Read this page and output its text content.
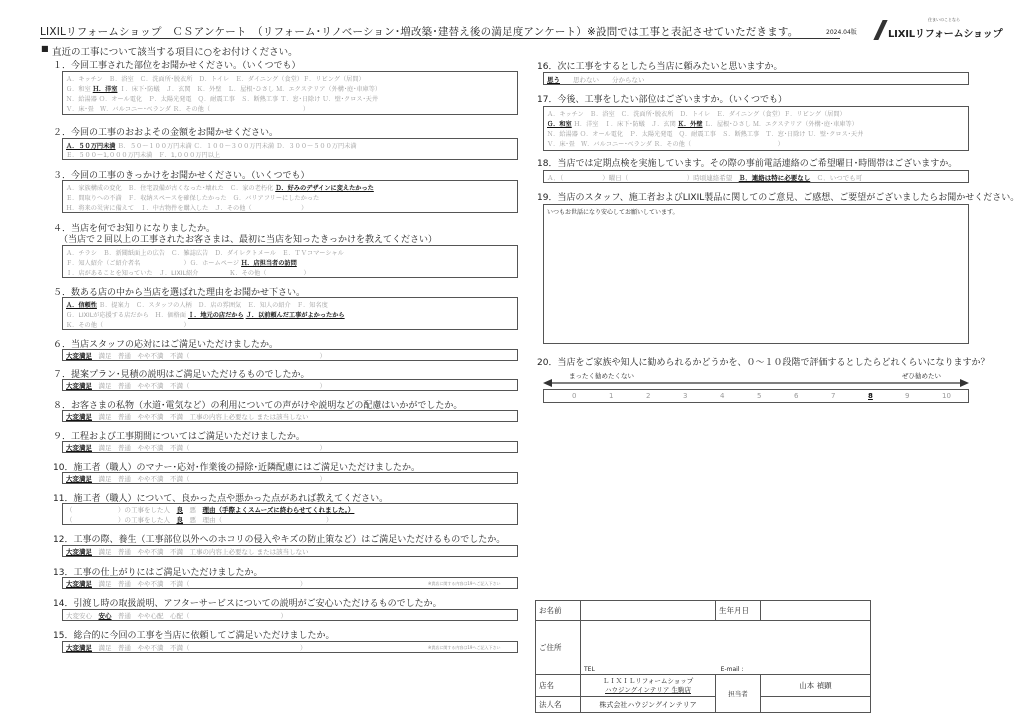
LIXILリフォームショップ　ＣＳアンケート　（リフォーム･リノベーション･増改築･建替え後の満足度アンケート）※設問では工事と表記させていただきます。	2024.04版
住まいのことなら
LIXILリフォームショップ
■ 直近の工事について該当する項目に○をお付けください。
１．今回工事された部位をお聞かせください。（いくつでも）
Ａ．キッチン　Ｂ．浴室　Ｃ．洗面所･脱衣所　Ｄ．トイレ　Ｅ．ダイニング（食堂）Ｆ．リビング（居間）
Ｇ．和室 Ｈ．洋室 Ｉ．床下･防蟻　Ｊ．玄関　Ｋ．外壁　Ｌ．屋根･ひさし Ｍ．エクステリア（外構･庭･車庫等）
Ｎ．給湯器 Ｏ．オール電化　Ｐ．太陽光発電　Ｑ．耐震工事　Ｓ．断熱工事 Ｔ．窓･日除け Ｕ．壁･クロス･天井
Ｖ．床･畳　Ｗ．バルコニー･ベランダ Ｒ．その他（　　　　　　　　　　　　　　　）
２．今回の工事のおおよその金額をお聞かせください。
Ａ．５０万円未満 Ｂ．５０～１００万円未満 Ｃ．１００～３００万円未満 Ｄ．３００～５００万円未満
Ｅ．５００～1,０００万円未満　Ｆ．1,０００万円以上
３．今回の工事のきっかけをお聞かせください。（いくつでも）
Ａ．家族構成の変化　Ｂ．住宅設備が古くなった･壊れた　Ｃ．家の老朽化 Ｄ．好みのデザインに変えたかった
Ｅ．間取りへの不満　Ｆ．収納スペースを確保したかった　Ｇ．バリアフリーにしたかった
Ｈ．将来の災害に備えて　Ｉ．中古物件を購入した　Ｊ．その他（　　　　　　　　）
４．当店を何でお知りになりましたか。
（当店で２回以上の工事されたお客さまは、最初に当店を知ったきっかけを教えてください）
Ａ．チラシ　Ｂ．新聞紙面上の広告　Ｃ．雑誌広告　Ｄ．ダイレクトメール　Ｅ．ＴＶコマーシャル
Ｆ．知人紹介（ご紹介者名　　　　　　　）Ｇ．ホームページ Ｈ．店担当者の訪問
Ｉ．店があることを知っていた　Ｊ．LIXIL紹介　　　　　Ｋ．その他（　　　　　　）
５．数ある店の中から当店を選ばれた理由をお聞かせ下さい。
Ａ．信頼性 Ｂ．提案力　Ｃ．スタッフの人柄　Ｄ．店の雰囲気　Ｅ．知人の紹介　Ｆ．知名度
Ｇ．LIXILが応援する店だから　Ｈ．価格面 Ｉ．地元の店だから Ｊ．以前頼んだ工事がよかったから
Ｋ．その他（　　　　　　　　　　　　　）
６．当店スタッフの応対にはご満足いただけましたか。
大変満足　 満足　普通　やや不満　不満（　　　　　　　　　　　　　　　　　　　　）
７．提案プラン･見積の説明はご満足いただけるものでしたか。
大変満足　 満足　普通　やや不満　不満（　　　　　　　　　　　　　　　　　　　　）
８．お客さまの私物（水道･電気など）の利用についての声がけや説明などの配慮はいかがでしたか。
大変満足　 満足　普通　やや不満　不満　工事の内容上必要なし または該当しない
９．工程および工事期間についてはご満足いただけましたか。
大変満足　 満足　普通　やや不満　不満（　　　　　　　　　　　　　　　　　　　　）
10．施工者（職人）のマナー･応対･作業後の掃除･近隣配慮にはご満足いただけましたか。
大変満足　 満足　普通　やや不満　不満（　　　　　　　　　　　　　　　　　　　　）
11．施工者（職人）について、良かった点や悪かった点があれば教えてください。
（　　　　　　　）の工事をした人　 良　 悪　 理由（手際よくスムーズに終わらせてくれました。）
（　　　　　　　）の工事をした人　 良　 悪　理由（　　　　　　　　　　　　　　　　）
12．工事の際、養生（工事部位以外へのホコリの侵入やキズの防止策など）はご満足いただけるものでしたか。
大変満足　 満足　普通　やや不満　不満　工事の内容上必要なし または該当しない
13．工事の仕上がりにはご満足いただけましたか。
大変満足　 満足　普通　やや不満　不満（　　　　　　　　　　　　　　　　　）	※貴店に関する内容は19へご記入下さい
14．引渡し時の取扱説明、アフターサービスについての説明がご安心いただけるものでしたか。
大変安心　 安心　 普通　やや心配　心配（　　　　　　　　　　　　　　）
15．総合的に今回の工事を当店に依頼してご満足いただけましたか。
大変満足　 満足　普通　やや不満　不満（　　　　　　　　　　　　　　　　　）	※貴店に関する内容は19へご記入下さい
16．次に工事をするとしたら当店に頼みたいと思いますか。
思う　　 思わない　　分からない
17．今後、工事をしたい部位はございますか。（いくつでも）
Ａ．キッチン　Ｂ．浴室　Ｃ．洗面所･脱衣所　Ｄ．トイレ　Ｅ．ダイニング（食堂）Ｆ．リビング（居間）
Ｇ．和室 Ｈ．洋室　Ｉ．床下･防蟻　Ｊ．玄関 Ｋ．外壁 Ｌ．屋根･ひさし Ｍ．エクステリア（外構･庭･車庫等）
Ｎ．給湯器 Ｏ．オール電化　Ｐ．太陽光発電　Ｑ．耐震工事　Ｓ．断熱工事　Ｔ．窓･日除け Ｕ．壁･クロス･天井
Ｖ．床･畳　Ｗ．バルコニー･ベランダ Ｒ．その他（　　　　　　　　　　　　　　）
18．当店では定期点検を実施しています。その際の事前電話連絡のご希望曜日･時間帯はございますか。
Ａ．（　　　　　　）曜日（　　　　　　　　　）時頃連絡希望　 Ｂ．連絡は特に必要なし　 Ｃ．いつでも可
19．当店のスタッフ、施工者およびLIXIL製品に関してのご意見、ご感想、ご要望がございましたらお聞かせください。
いつもお世話になり安心してお願いしています。
20．当店をご家族や知人に勧められるかどうかを、０～１０段階で評価するとしたらどれくらいになりますか？
まったく勧めたくない	ぜひ勧めたい
0	1	2	3	4	5	6	7	8	9	10
お名前		生年月日	
ご住所	TEL E-mail :		
店名	ＬＩＸＩＬリフォームショップ
ハウジングインテリア 生駒店	担当者	山本 禎顕
法人名	株式会社ハウジングインテリア		
